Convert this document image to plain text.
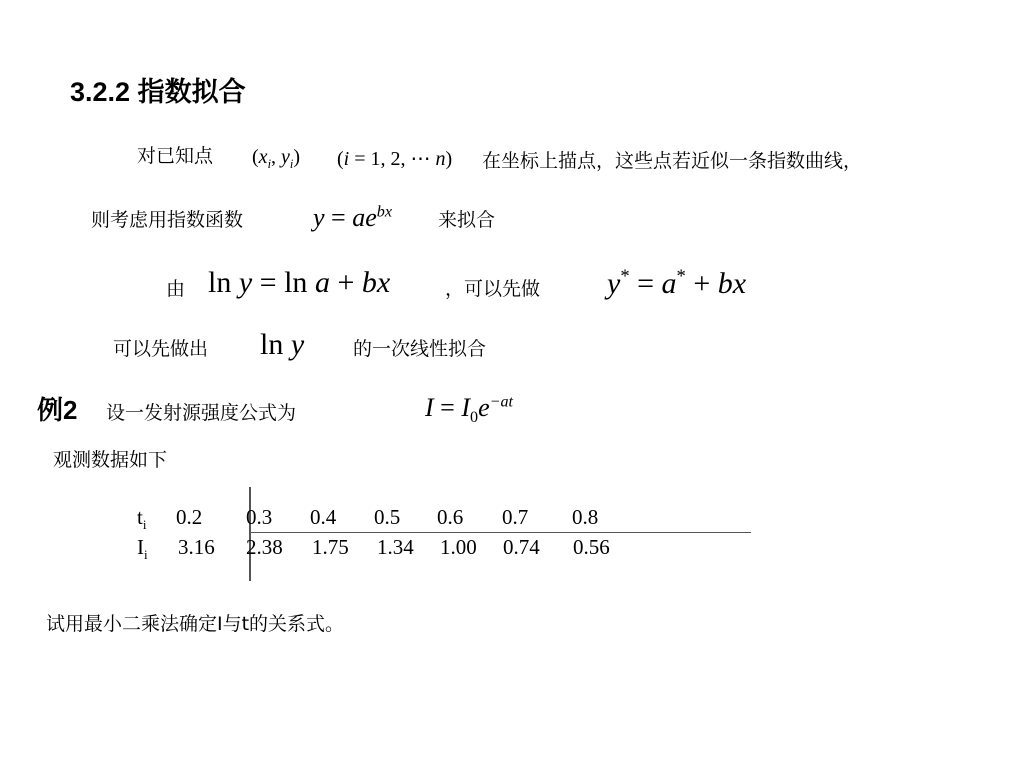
3.2.2 指数拟合
对已知点 ($x_i$, $y_i$) (i = 1, 2, ⋯ n) 在坐标上描点，这些点若近似一条指数曲线，
则考虑用指数函数	$y = ae^{bx}$ 来拟合
由 ln y = ln a + bx	，可以先做 y* = a* + bx
可以先做出 ln y	的一次线性拟合
例2 设一发射源强度公式为	$I = I_0e^{-at}$
观测数据如下
$t_i$ 0.2 0.3 0.4 0.5 0.6 0.7 0.8
$I_i$ 3.16 2.38 1.75 1.34 1.00 0.74 0.56
试用最小二乘法确定I与t的关系式。
